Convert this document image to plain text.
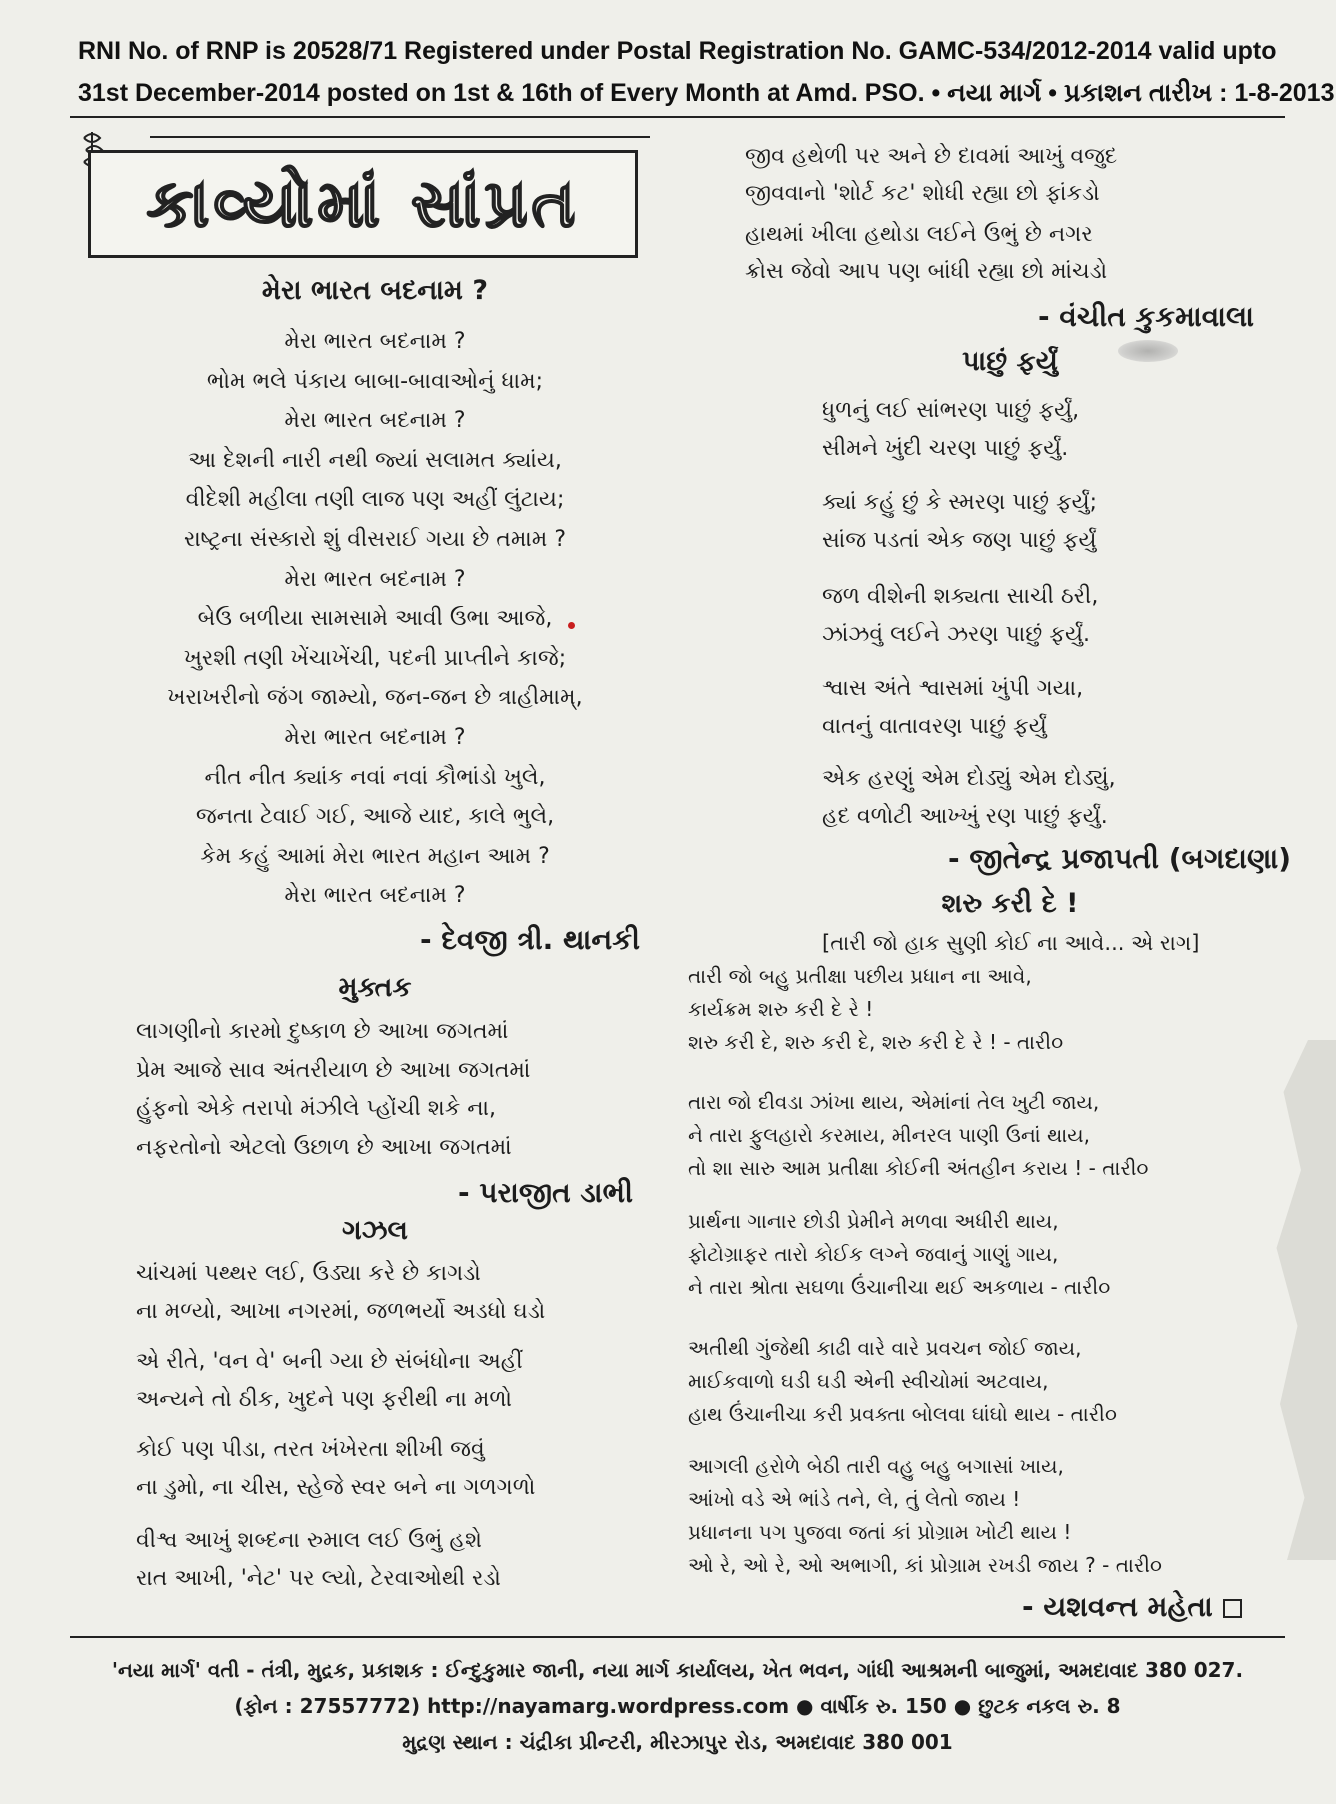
RNI No. of RNP is 20528/71 Registered under Postal Registration No. GAMC-534/2012-2014 valid upto
31st December-2014 posted on 1st & 16th of Every Month at Amd. PSO. • નયા માર્ગ • પ્રકાશન તારીખ : 1-8-2013
કાવ્યોમાં સાંપ્રત
મેરા ભારત બદનામ ?
મેરા ભારત બદનામ ?
ભોમ ભલે પંકાય બાબા-બાવાઓનું ધામ;
મેરા ભારત બદનામ ?
આ દેશની નારી નથી જ્યાં સલામત ક્યાંય,
વીદેશી મહીલા તણી લાજ પણ અહીં લુંટાય;
રાષ્ટ્રના સંસ્કારો શું વીસરાઈ ગયા છે તમામ ?
મેરા ભારત બદનામ ?
બેઉ બળીયા સામસામે આવી ઉભા આજે,
ખુરશી તણી ખેંચાખેંચી, પદની પ્રાપ્તીને કાજે;
ખરાખરીનો જંગ જામ્યો, જન-જન છે ત્રાહીમામ્,
મેરા ભારત બદનામ ?
નીત નીત ક્યાંક નવાં નવાં કૌભાંડો ખુલે,
જનતા ટેવાઈ ગઈ, આજે યાદ, કાલે ભુલે,
કેમ કહું આમાં મેરા ભારત મહાન આમ ?
મેરા ભારત બદનામ ?
- દેવજી ત્રી. થાનકી
મુક્તક
લાગણીનો કારમો દુષ્કાળ છે આખા જગતમાં
પ્રેમ આજે સાવ અંતરીયાળ છે આખા જગતમાં
હુંફનો એકે તરાપો મંઝીલે પ્હોંચી શકે ના,
નફરતોનો એટલો ઉછાળ છે આખા જગતમાં
- પરાજીત ડાભી
ગઝલ
ચાંચમાં પથ્થર લઈ, ઉડ્યા કરે છે કાગડો
ના મળ્યો, આખા નગરમાં, જળભર્યો અડધો ઘડો
એ રીતે, 'વન વે' બની ગ્યા છે સંબંધોના અહીં
અન્યને તો ઠીક, ખુદને પણ ફરીથી ના મળો
કોઈ પણ પીડા, તરત ખંખેરતા શીખી જવું
ના ડુમો, ના ચીસ, સ્હેજે સ્વર બને ના ગળગળો
વીશ્વ આખું શબ્દના રુમાલ લઈ ઉભું હશે
રાત આખી, 'નેટ' પર લ્યો, ટેરવાઓથી રડો
જીવ હથેળી પર અને છે દાવમાં આખું વજુદ
જીવવાનો 'શોર્ટ કટ' શોધી રહ્યા છો ફાંકડો
હાથમાં ખીલા હથોડા લઈને ઉભું છે નગર
ક્રોસ જેવો આપ પણ બાંધી રહ્યા છો માંચડો
- વંચીત કુકમાવાલા
પાછું ફર્યું
ધુળનું લઈ સાંભરણ પાછું ફર્યું,
સીમને ખુંદી ચરણ પાછું ફર્યું.
ક્યાં કહું છું કે સ્મરણ પાછું ફર્યું;
સાંજ પડતાં એક જણ પાછું ફર્યું
જળ વીશેની શક્યતા સાચી ઠરી,
ઝાંઝવું લઈને ઝરણ પાછું ફર્યું.
શ્વાસ અંતે શ્વાસમાં ખુંપી ગયા,
વાતનું વાતાવરણ પાછું ફર્યું
એક હરણું એમ દોડ્યું એમ દોડ્યું,
હદ વળોટી આખ્ખું રણ પાછું ફર્યું.
- જીતેન્દ્ર પ્રજાપતી (બગદાણા)
શરુ કરી દે !
[તારી જો હાક સુણી કોઈ ના આવે... એ રાગ]
તારી જો બહુ પ્રતીક્ષા પછીય પ્રધાન ના આવે,
કાર્યક્રમ શરુ કરી દે રે !
શરુ કરી દે, શરુ કરી દે, શરુ કરી દે રે ! - તારી૦
તારા જો દીવડા ઝાંખા થાય, એમાંનાં તેલ ખુટી જાય,
ને તારા ફુલહારો કરમાય, મીનરલ પાણી ઉનાં થાય,
તો શા સારુ આમ પ્રતીક્ષા કોઈની અંતહીન કરાય ! - તારી૦
પ્રાર્થના ગાનાર છોડી પ્રેમીને મળવા અધીરી થાય,
ફોટોગ્રાફર તારો કોઈક લગ્ને જવાનું ગાણું ગાય,
ને તારા શ્રોતા સઘળા ઉંચાનીચા થઈ અકળાય - તારી૦
અતીથી ગુંજેથી કાઢી વારે વારે પ્રવચન જોઈ જાય,
માઈકવાળો ઘડી ઘડી એની સ્વીચોમાં અટવાય,
હાથ ઉંચાનીચા કરી પ્રવક્તા બોલવા ઘાંઘો થાય - તારી૦
આગલી હરોળે બેઠી તારી વહુ બહુ બગાસાં ખાય,
આંખો વડે એ ભાંડે તને, લે, તું લેતો જાય !
પ્રધાનના પગ પુજવા જતાં કાં પ્રોગ્રામ ખોટી થાય !
ઓ રે, ઓ રે, ઓ અભાગી, કાં પ્રોગ્રામ રખડી જાય ? - તારી૦
- યશવન્ત મહેતા
'નયા માર્ગ' વતી - તંત્રી, મુદ્રક, પ્રકાશક : ઈન્દુકુમાર જાની, નયા માર્ગ કાર્યાલય, ખેત ભવન, ગાંધી આશ્રમની બાજુમાં, અમદાવાદ 380 027.
(ફોન : 27557772) http://nayamarg.wordpress.com ● વાર્ષીક રુ. 150 ● છુટક નકલ રુ. 8
મુદ્રણ સ્થાન : ચંદ્રીકા પ્રીન્ટરી, મીરઝાપુર રોડ, અમદાવાદ 380 001
